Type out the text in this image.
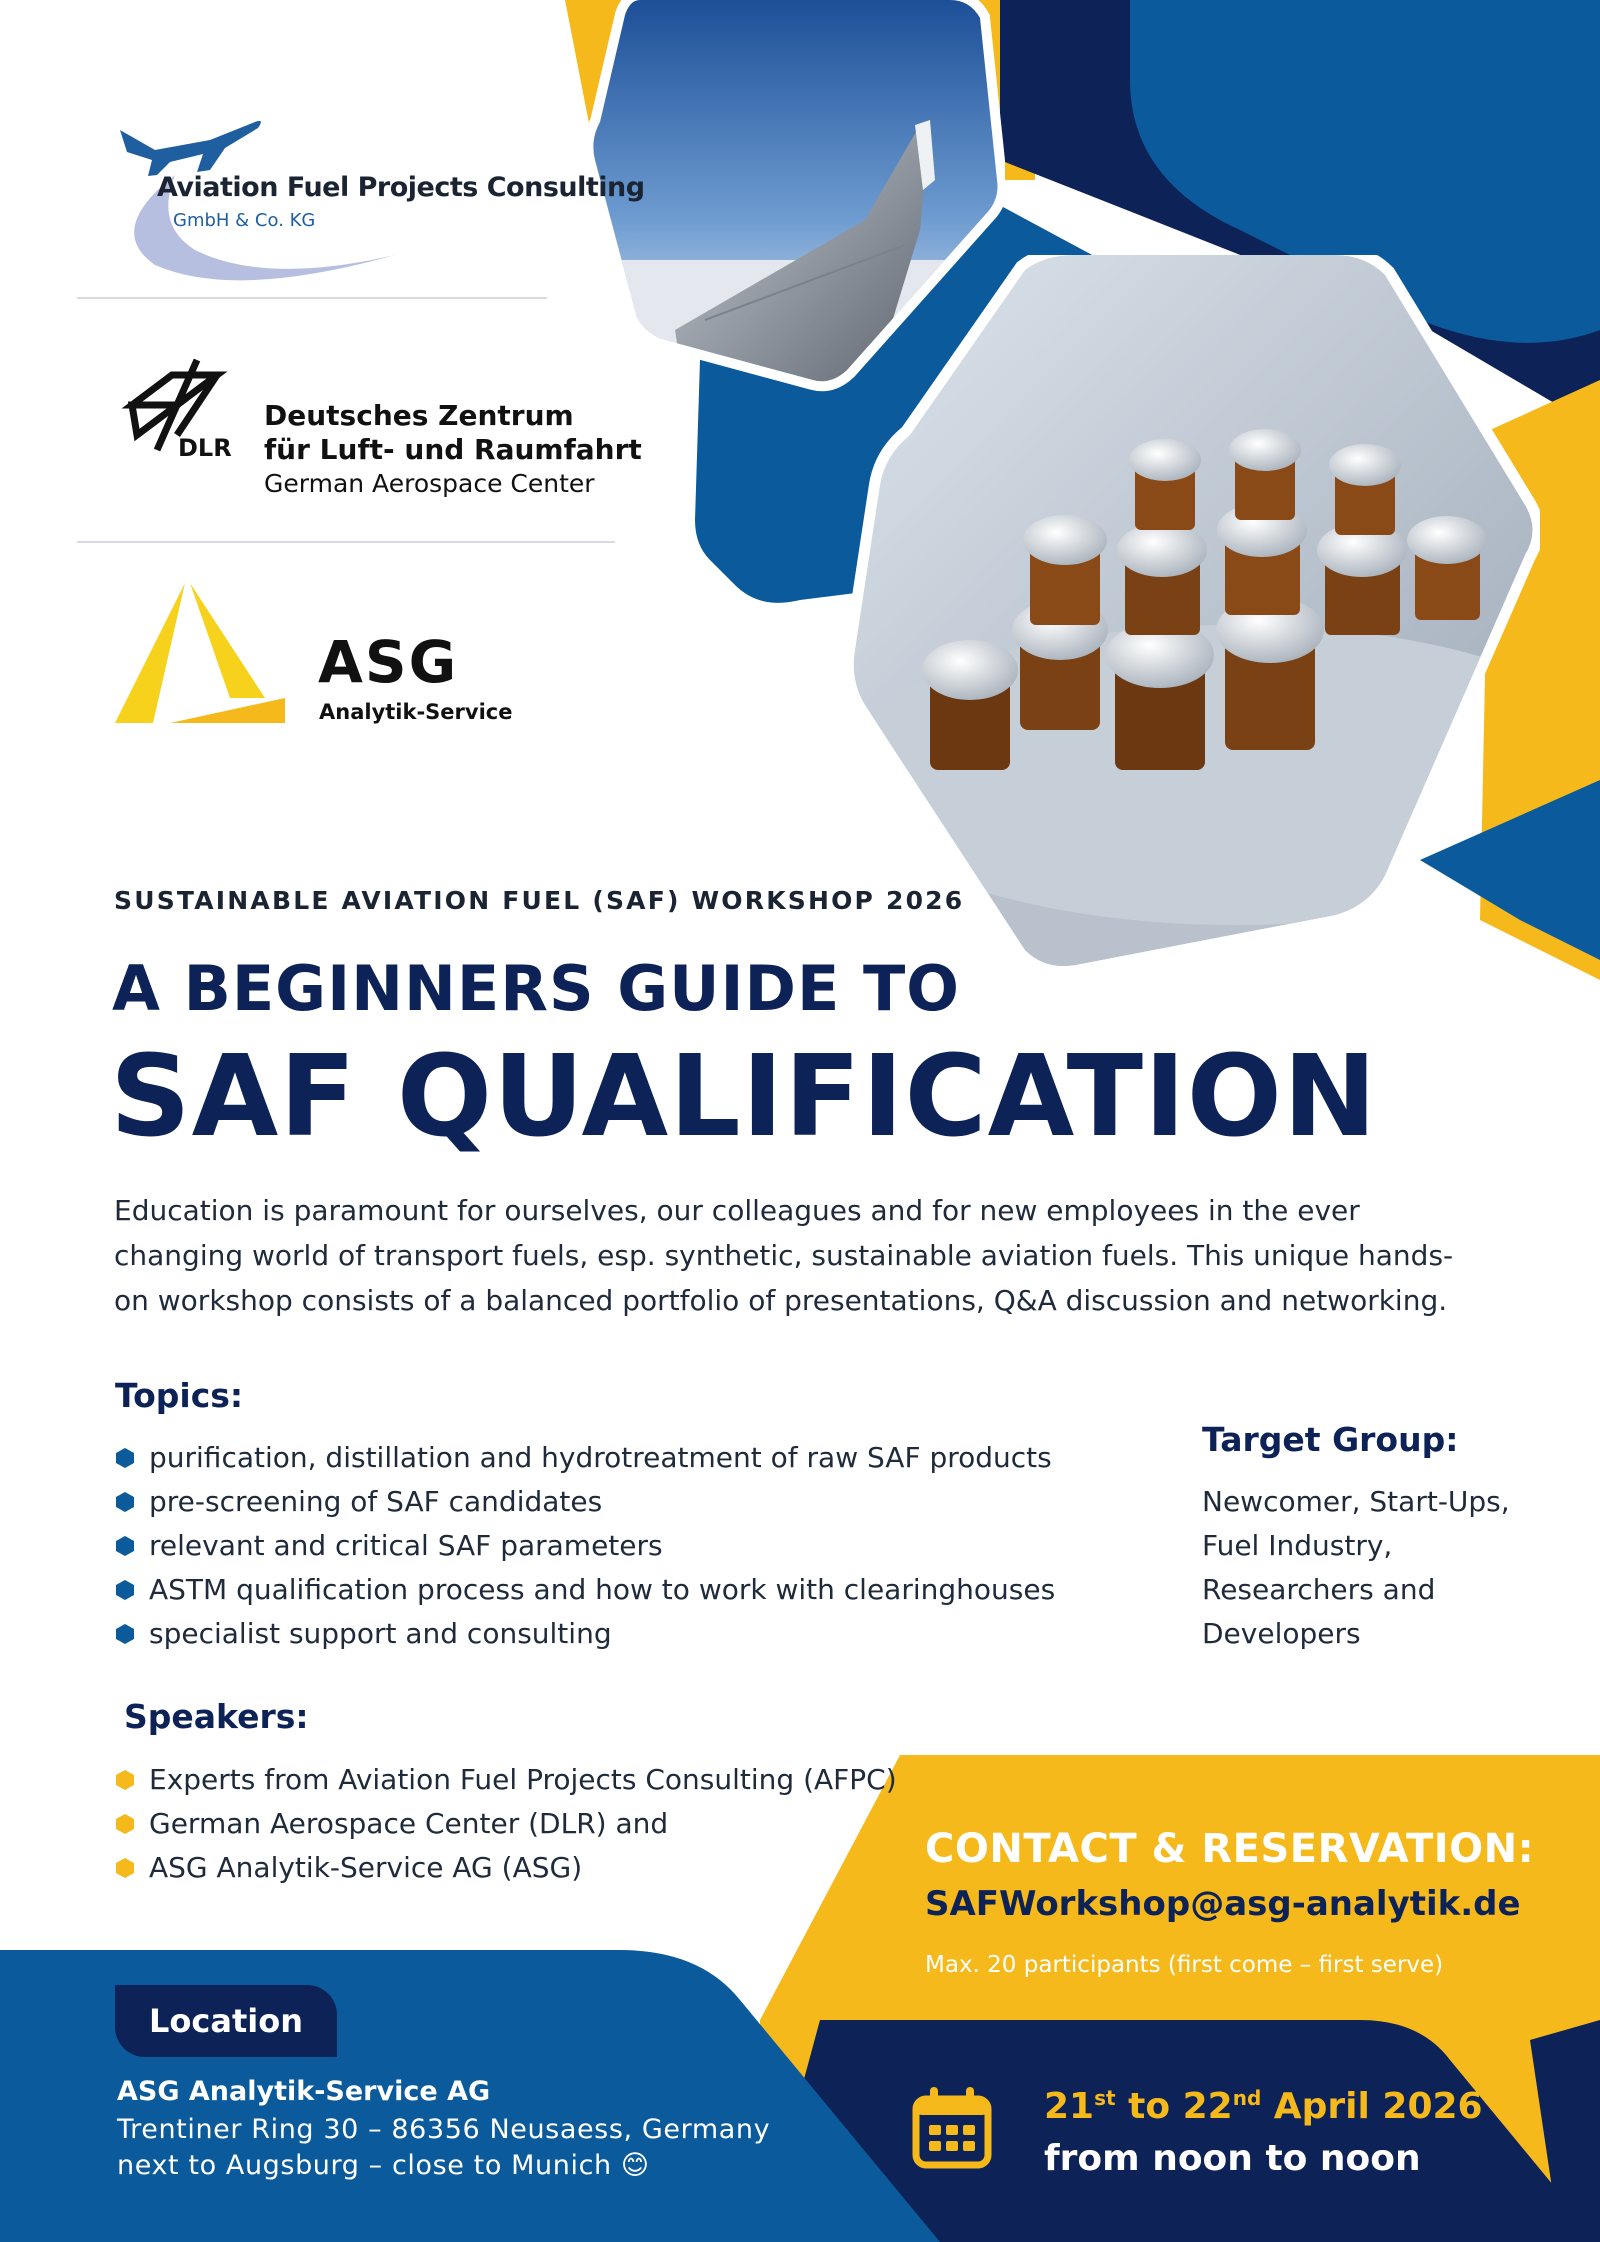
Aviation Fuel Projects Consulting
GmbH & Co. KG
DLR
Deutsches Zentrum
für Luft- und Raumfahrt
German Aerospace Center
ASG
Analytik-Service
SUSTAINABLE AVIATION FUEL (SAF) WORKSHOP 2026
A BEGINNERS GUIDE TO
SAF QUALIFICATION
Education is paramount for ourselves, our colleagues and for new employees in the ever changing world of transport fuels, esp. synthetic, sustainable aviation fuels. This unique hands-on workshop consists of a balanced portfolio of presentations, Q&A discussion and networking.
Topics:
purification, distillation and hydrotreatment of raw SAF products
pre-screening of SAF candidates
relevant and critical SAF parameters
ASTM qualification process and how to work with clearinghouses
specialist support and consulting
Target Group:
Newcomer, Start-Ups,
Fuel Industry,
Researchers and
Developers
Speakers:
Experts from Aviation Fuel Projects Consulting (AFPC)
German Aerospace Center (DLR) and
ASG Analytik-Service AG (ASG)	CONTACT & RESERVATION:
SAFWorkshop@asg-analytik.de
Max. 20 participants (first come – first serve)
Location
ASG Analytik-Service AG
Trentiner Ring 30 – 86356 Neusaess, Germany
next to Augsburg – close to Munich 😊
21st to 22nd April 2026
from noon to noon
